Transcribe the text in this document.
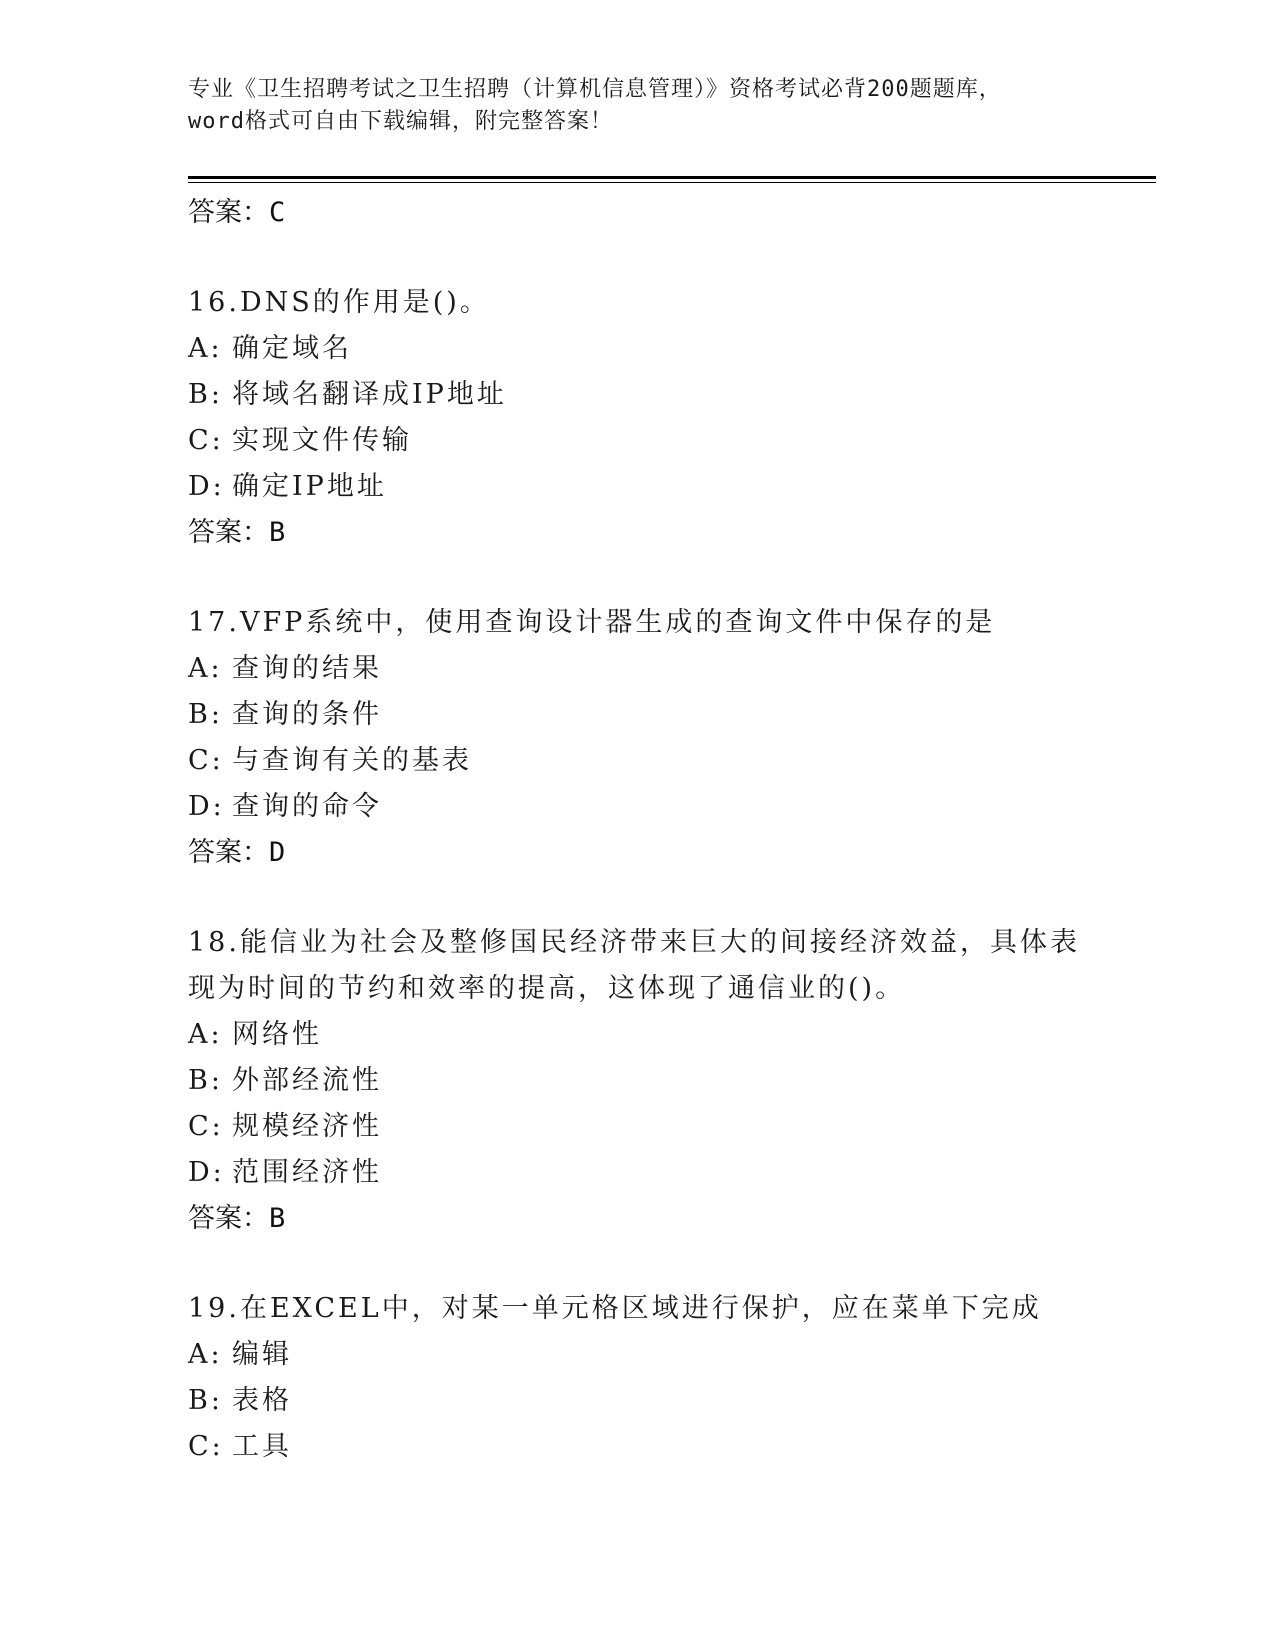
专业《卫生招聘考试之卫生招聘（计算机信息管理）》资格考试必背200题题库，
word格式可自由下载编辑，附完整答案！
答案：C
16.DNS的作用是()。
A: 确定域名
B: 将域名翻译成IP地址
C: 实现文件传输
D: 确定IP地址
答案：B
17.VFP系统中，使用查询设计器生成的查询文件中保存的是
A: 查询的结果
B: 查询的条件
C: 与查询有关的基表
D: 查询的命令
答案：D
18.能信业为社会及整修国民经济带来巨大的间接经济效益，具体表现为时间的节约和效率的提高，这体现了通信业的()。
A: 网络性
B: 外部经流性
C: 规模经济性
D: 范围经济性
答案：B
19.在EXCEL中，对某一单元格区域进行保护，应在菜单下完成
A: 编辑
B: 表格
C: 工具
